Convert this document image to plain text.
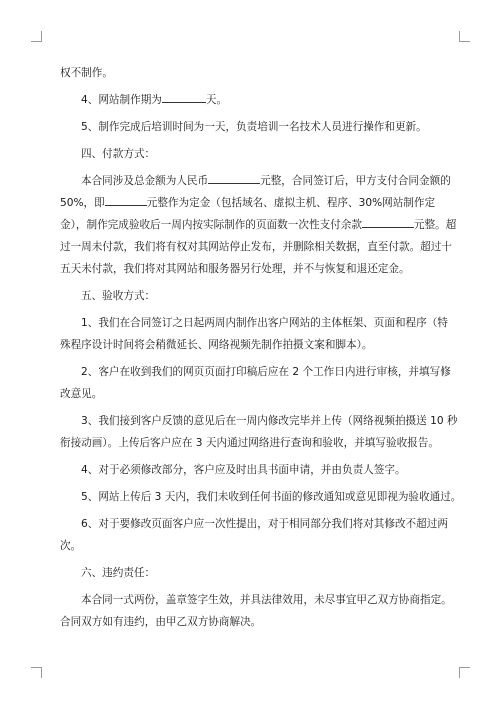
权不制作。
4、网站制作期为	天。
5、制作完成后培训时间为一天，负责培训一名技术人员进行操作和更新。
四、付款方式：
本合同涉及总金额为人民币	元整，合同签订后，甲方支付合同金额的
50%，即	元整作为定金（包括域名、虚拟主机、程序、30%网站制作定
金），制作完成验收后一周内按实际制作的页面数一次性支付余款	元整。超
过一周未付款，我们将有权对其网站停止发布，并删除相关数据，直至付款。超过十
五天未付款，我们将对其网站和服务器另行处理，并不与恢复和退还定金。
五、验收方式：
1、我们在合同签订之日起两周内制作出客户网站的主体框架、页面和程序（特
殊程序设计时间将会稍微延长、网络视频先制作拍摄文案和脚本）。
2、客户在收到我们的网页页面打印稿后应在 2 个工作日内进行审核，并填写修
改意见。
3、我们接到客户反馈的意见后在一周内修改完毕并上传（网络视频拍摄送 10 秒
衔接动画）。上传后客户应在 3 天内通过网络进行查询和验收，并填写验收报告。
4、对于必须修改部分，客户应及时出具书面申请，并由负责人签字。
5、网站上传后 3 天内，我们未收到任何书面的修改通知或意见即视为验收通过。
6、对于要修改页面客户应一次性提出，对于相同部分我们将对其修改不超过两
次。
六、违约责任：
本合同一式两份，盖章签字生效，并具法律效用，未尽事宜甲乙双方协商指定。
合同双方如有违约，由甲乙双方协商解决。
